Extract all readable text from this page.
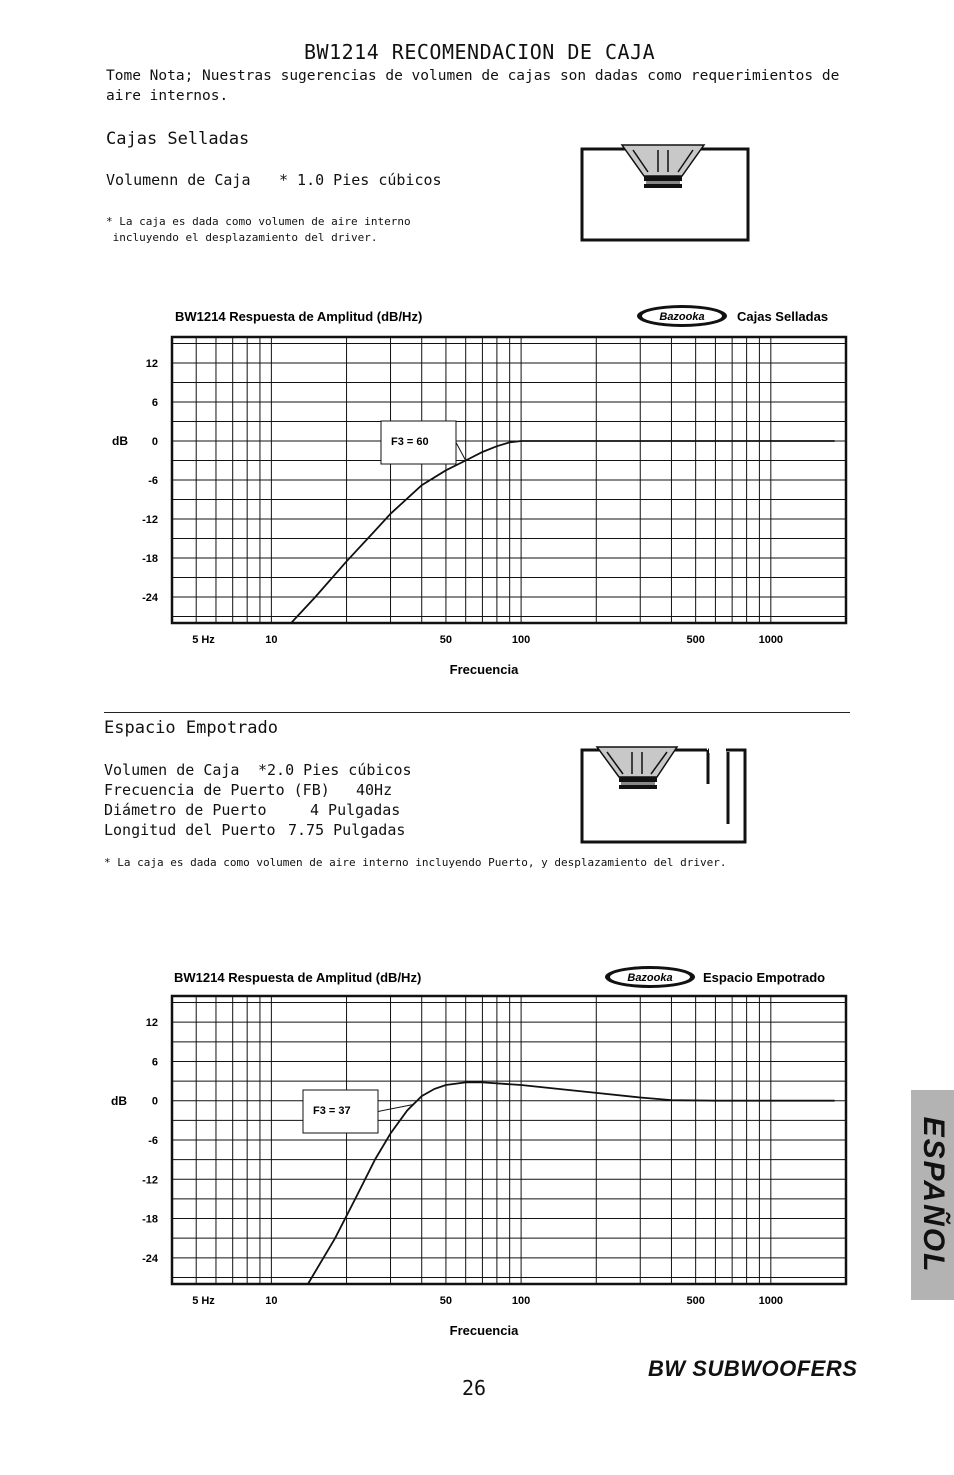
BW1214 RECOMENDACION DE CAJA
Tome Nota; Nuestras sugerencias de volumen de cajas son dadas como requerimientos de aire internos.
Cajas Selladas
Volumenn de Caja * 1.0 Pies cúbicos
* La caja es dada como volumen de aire interno
incluyendo el desplazamiento del driver.
BW1214 Respuesta de Amplitud (dB/Hz)	Bazooka Cajas Selladas
12
6
0
-6
-12
-18
-24
5 Hz	10	50	100	500	1000
F3 = 60
dB
Frecuencia
Espacio Empotrado
Volumen de Caja *2.0 Pies cúbicos
Frecuencia de Puerto (FB) 40Hz
Diámetro de Puerto	4 Pulgadas
Longitud del Puerto 7.75 Pulgadas
* La caja es dada como volumen de aire interno incluyendo Puerto, y desplazamiento del driver.
BW1214 Respuesta de Amplitud (dB/Hz)	Bazooka Espacio Empotrado
12
6
0
-6
-12
-18
-24
5 Hz	10	50	100	500	1000
F3 = 37
dB
Frecuencia
ESPAÑOL
BW SUBWOOFERS
26
